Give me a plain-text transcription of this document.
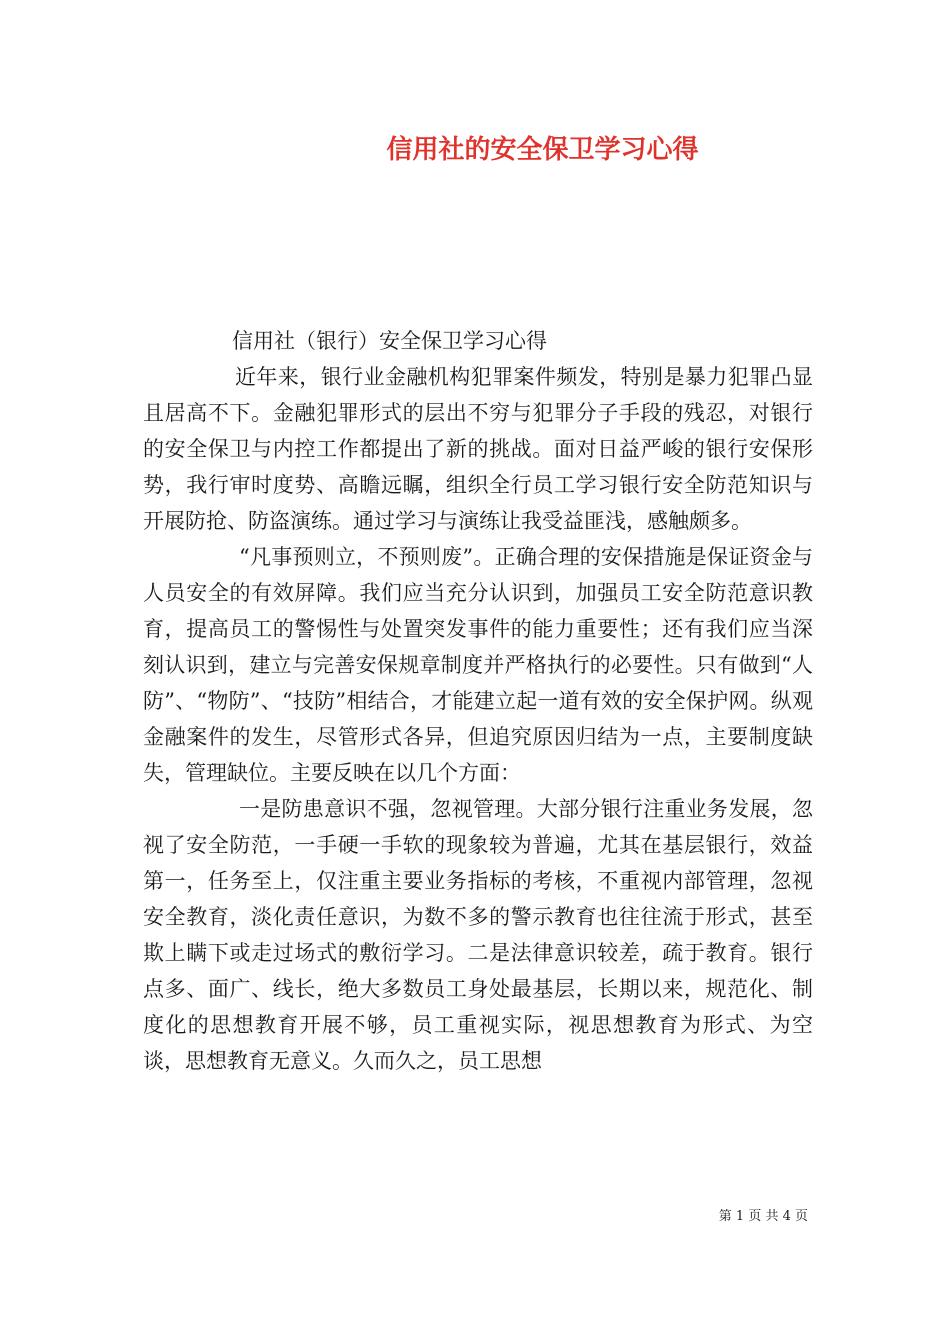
信用社的安全保卫学习心得

信用社（银行）安全保卫学习心得

近年来，银行业金融机构犯罪案件频发，特别是暴力犯罪凸显且居高不下。金融犯罪形式的层出不穷与犯罪分子手段的残忍，对银行的安全保卫与内控工作都提出了新的挑战。面对日益严峻的银行安保形势，我行审时度势、高瞻远瞩，组织全行员工学习银行安全防范知识与开展防抢、防盗演练。通过学习与演练让我受益匪浅，感触颇多。

“凡事预则立，不预则废”。正确合理的安保措施是保证资金与人员安全的有效屏障。我们应当充分认识到，加强员工安全防范意识教育，提高员工的警惕性与处置突发事件的能力重要性；还有我们应当深刻认识到，建立与完善安保规章制度并严格执行的必要性。只有做到“人防”、“物防”、“技防”相结合，才能建立起一道有效的安全保护网。纵观金融案件的发生，尽管形式各异，但追究原因归结为一点，主要制度缺失，管理缺位。主要反映在以几个方面：

一是防患意识不强，忽视管理。大部分银行注重业务发展，忽视了安全防范，一手硬一手软的现象较为普遍，尤其在基层银行，效益第一，任务至上，仅注重主要业务指标的考核，不重视内部管理，忽视安全教育，淡化责任意识，为数不多的警示教育也往往流于形式，甚至欺上瞒下或走过场式的敷衍学习。二是法律意识较差，疏于教育。银行点多、面广、线长，绝大多数员工身处最基层，长期以来，规范化、制度化的思想教育开展不够，员工重视实际，视思想教育为形式、为空谈，思想教育无意义。久而久之，员工思想

第 1 页 共 4 页
